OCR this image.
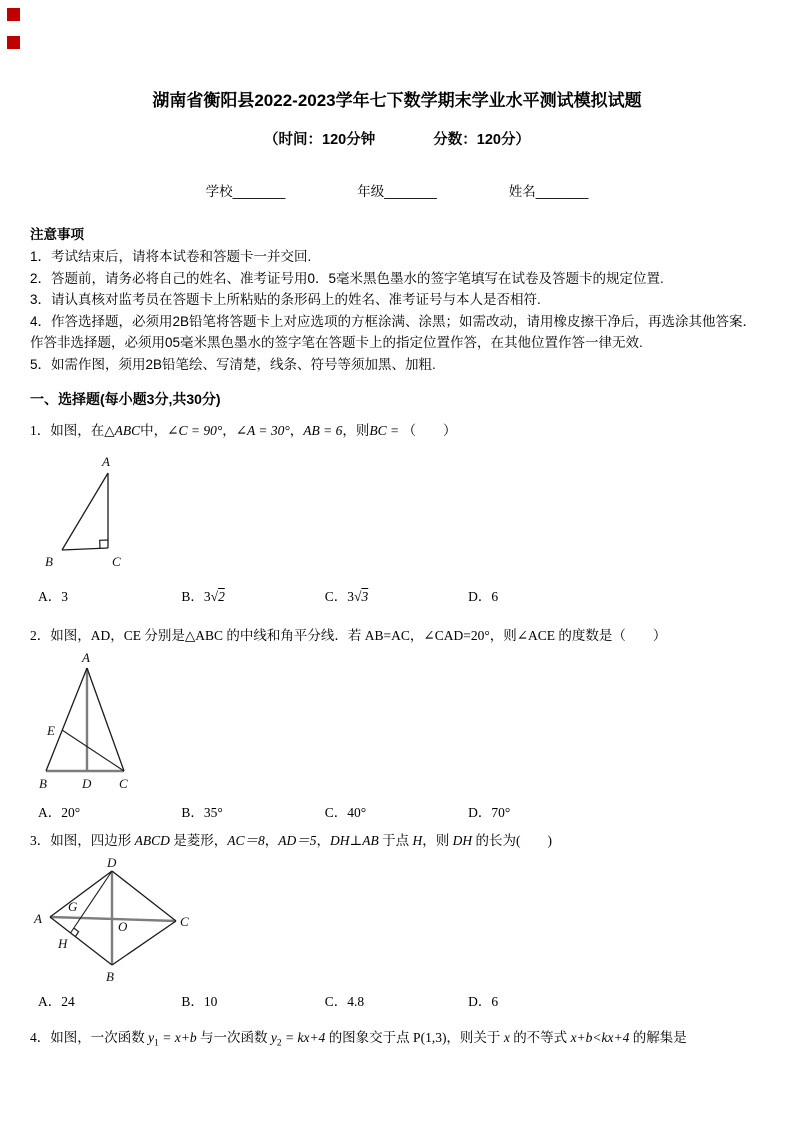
湖南省衡阳县2022-2023学年七下数学期末学业水平测试模拟试题
（时间：120分钟	分数：120分）
学校_______	年级_______	姓名_______
注意事项
1．考试结束后，请将本试卷和答题卡一并交回.
2．答题前，请务必将自己的姓名、准考证号用0．5毫米黑色墨水的签字笔填写在试卷及答题卡的规定位置.
3．请认真核对监考员在答题卡上所粘贴的条形码上的姓名、准考证号与本人是否相符.
4．作答选择题，必须用2B铅笔将答题卡上对应选项的方框涂满、涂黑；如需改动，请用橡皮擦干净后，再选涂其他答案．作答非选择题，必须用05毫米黑色墨水的签字笔在答题卡上的指定位置作答，在其他位置作答一律无效.
5．如需作图，须用2B铅笔绘、写清楚，线条、符号等须加黑、加粗.
一、选择题(每小题3分,共30分)
1．如图，在△ABC中，∠C = 90°，∠A = 30°，AB = 6，则BC = （　　）
A
B	C
A．3	B．3√2	C．3√3	D．6
2．如图，AD，CE 分别是△ABC 的中线和角平分线．若 AB=AC，∠CAD=20°，则∠ACE 的度数是（　　）
A
E
B	D C
A．20°	B．35°	C．40°	D．70°
3．如图，四边形 ABCD 是菱形，AC＝8，AD＝5，DH⊥AB 于点 H，则 DH 的长为(　　)
D
A	C
B
O
G
H
A．24	B．10	C．4.8	D．6
4．如图，一次函数 $y_1 = x+b$ 与一次函数 $y_2 = kx+4$ 的图象交于点 P(1,3)，则关于 x 的不等式 x+b<kx+4 的解集是
